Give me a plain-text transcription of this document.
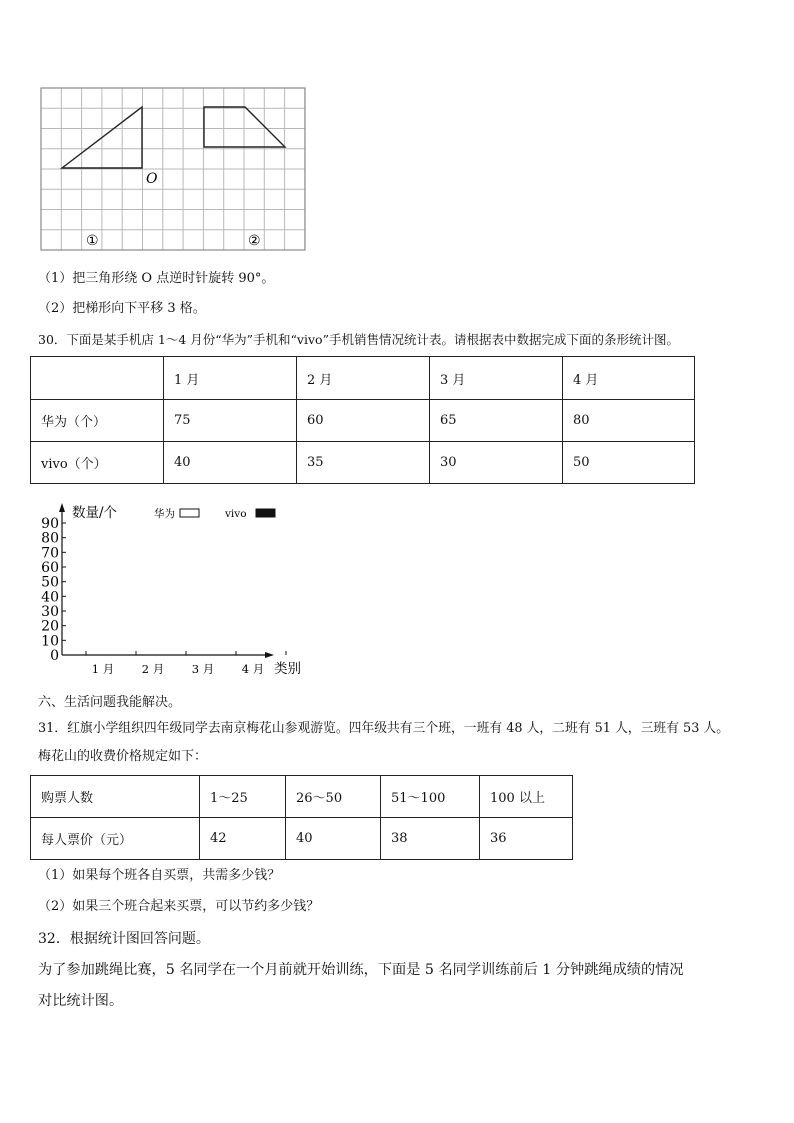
O
①	②
（1）把三角形绕 O 点逆时针旋转 90°。
（2）把梯形向下平移 3 格。
30．下面是某手机店 1～4 月份“华为”手机和“vivo”手机销售情况统计表。请根据表中数据完成下面的条形统计图。
	1 月	2 月	3 月	4 月
华为（个）	75	60	65	80
vivo（个）	40	35	30	50
0
10
20
30
40
50
60
70
80
90
1 月 2 月 3 月 4 月
数量/个
类别
华为	vivo
六、生活问题我能解决。
31．红旗小学组织四年级同学去南京梅花山参观游览。四年级共有三个班，一班有 48 人，二班有 51 人，三班有 53 人。
梅花山的收费价格规定如下：
购票人数	1～25	26～50	51～100	100 以上
每人票价（元）	42	40	38	36
（1）如果每个班各自买票，共需多少钱？
（2）如果三个班合起来买票，可以节约多少钱？
32．根据统计图回答问题。
为了参加跳绳比赛，5 名同学在一个月前就开始训练，下面是 5 名同学训练前后 1 分钟跳绳成绩的情况
对比统计图。
